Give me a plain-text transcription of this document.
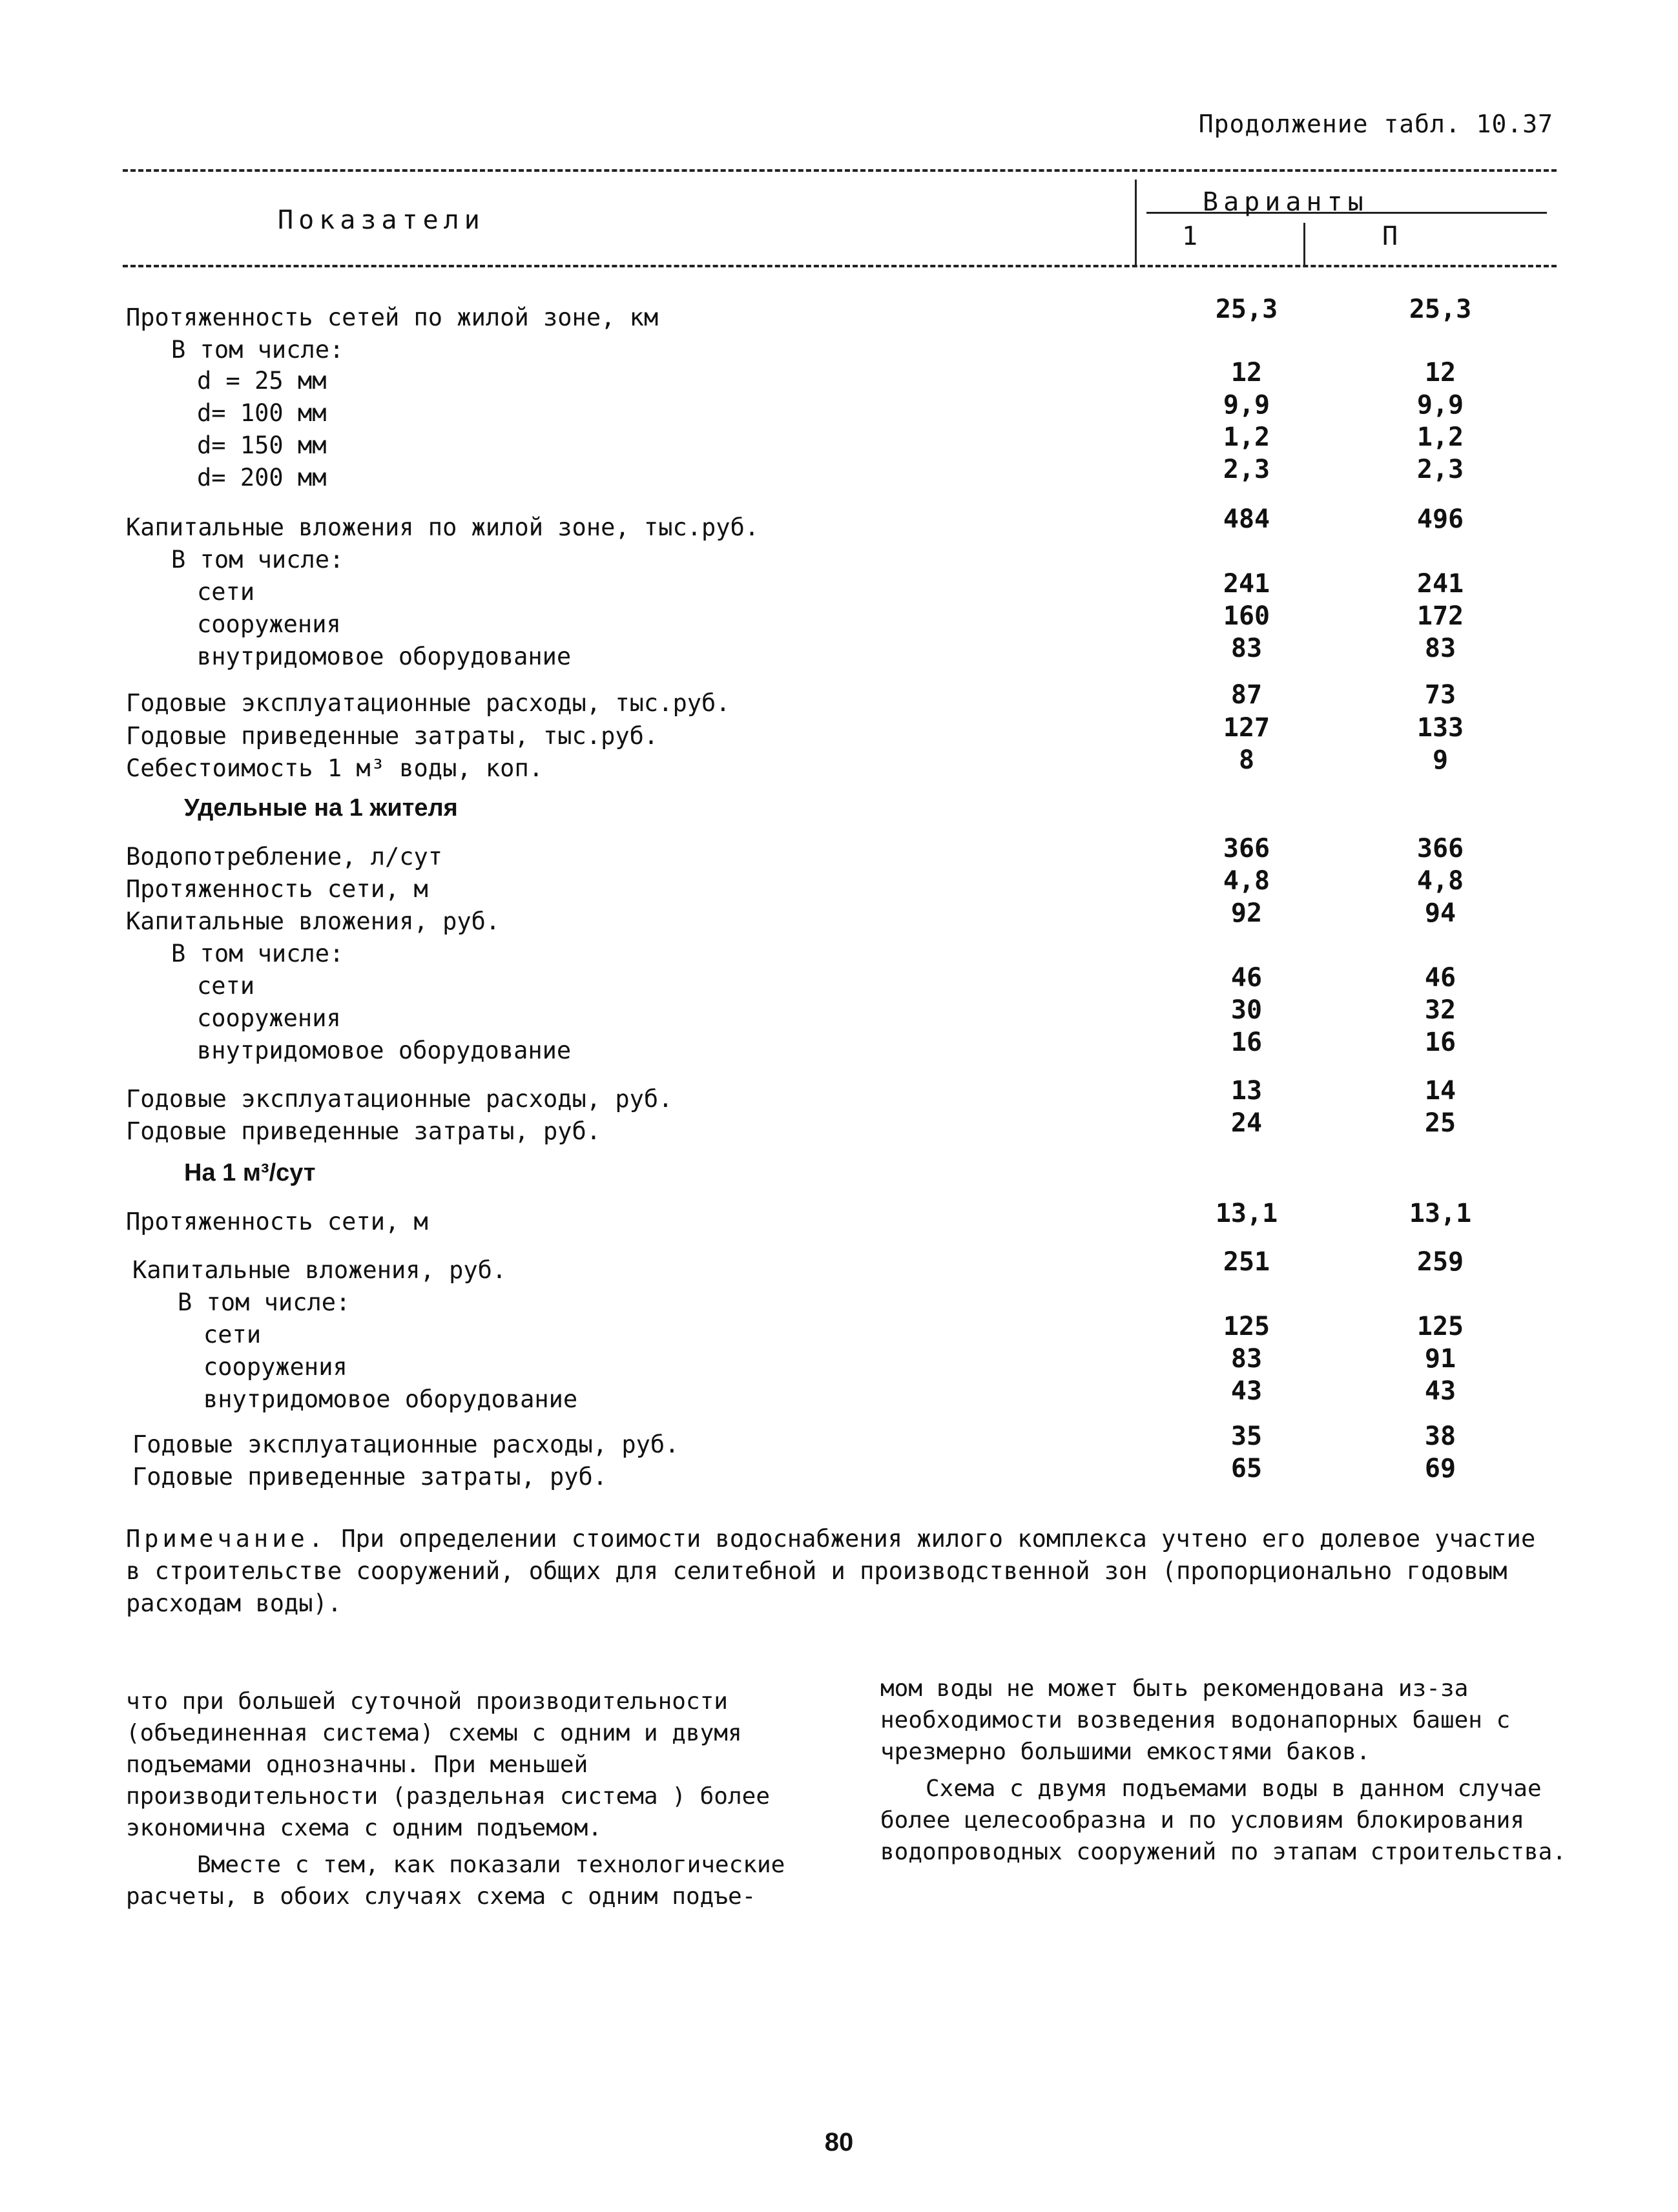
Продолжение табл. 10.37
Показатели
Варианты
1	П
Протяженность сетей по жилой зоне, км	25,3	25,3
В том числе:
d = 25 мм	12	12
d= 100 мм	9,9	9,9
d= 150 мм	1,2	1,2
d= 200 мм	2,3	2,3
Капитальные вложения по жилой зоне, тыс.руб.	484	496
В том числе:
сети	241	241
сооружения	160	172
внутридомовое оборудование	83	83
Годовые эксплуатационные расходы, тыс.руб.	87	73
Годовые приведенные затраты, тыс.руб.	127	133
Себестоимость 1 м³ воды, коп.	8	9
Удельные на 1 жителя
Водопотребление, л/сут	366	366
Протяженность сети, м	4,8	4,8
Капитальные вложения, руб.	92	94
В том числе:
сети	46	46
сооружения	30	32
внутридомовое оборудование	16	16
Годовые эксплуатационные расходы, руб.	13	14
Годовые приведенные затраты, руб.	24	25
На 1 м³/сут
Протяженность сети, м	13,1	13,1
Капитальные вложения, руб.	251	259
В том числе:
сети	125	125
сооружения	83	91
внутридомовое оборудование	43	43
Годовые эксплуатационные расходы, руб.	35	38
Годовые приведенные затраты, руб.	65	69
Примечание. При определении стоимости водоснабжения жилого комплекса учтено его долевое участие в строительстве сооружений, общих для селитебной и производственной зон (пропорционально годовым расходам воды).

что при большей суточной производительности (объединенная система) схемы с одним и двумя подъемами однозначны. При меньшей производительности (раздельная система ) более экономична схема с одним подъемом.

Вместе с тем, как показали технологические расчеты, в обоих случаях схема с одним подъе-

мом воды не может быть рекомендована из-за необходимости возведения водонапорных башен с чрезмерно большими емкостями баков.

Схема с двумя подъемами воды в данном случае более целесообразна и по условиям блокирования водопроводных сооружений по этапам строительства.

80
